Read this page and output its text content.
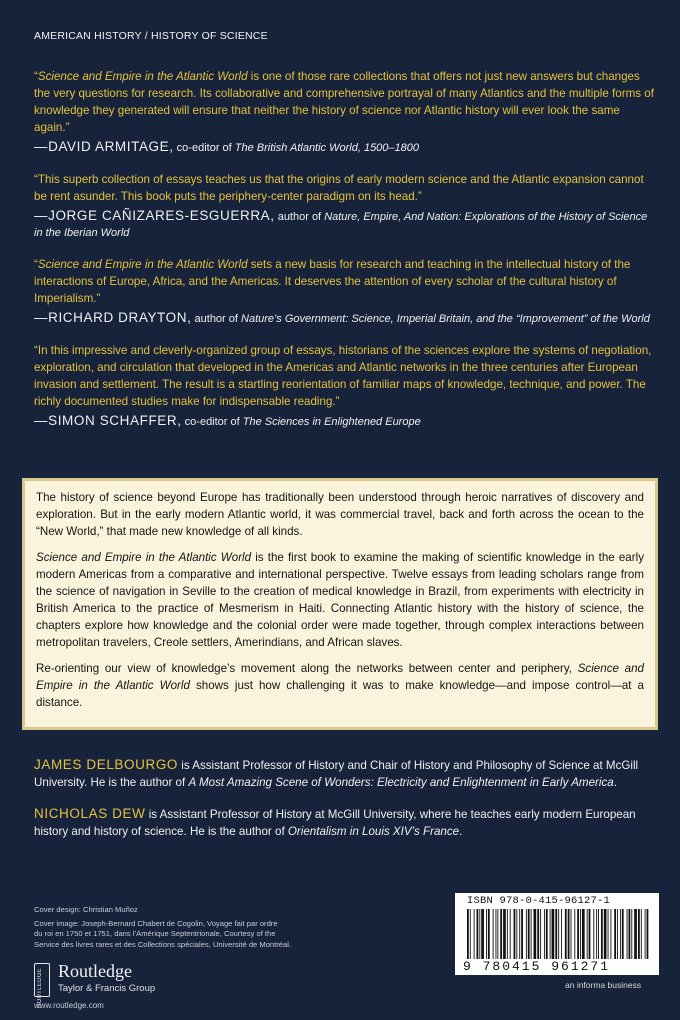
AMERICAN HISTORY / HISTORY OF SCIENCE

“Science and Empire in the Atlantic World is one of those rare collections that offers not just new answers but changes the very questions for research. Its collaborative and comprehensive portrayal of many Atlantics and the multiple forms of knowledge they generated will ensure that neither the history of science nor Atlantic history will ever look the same again.”

—DAVID ARMITAGE, co-editor of The British Atlantic World, 1500–1800

“This superb collection of essays teaches us that the origins of early modern science and the Atlantic expansion cannot be rent asunder. This book puts the periphery-center paradigm on its head.”

—JORGE CAÑIZARES-ESGUERRA, author of Nature, Empire, And Nation: Explorations of the History of Science in the Iberian World

“Science and Empire in the Atlantic World sets a new basis for research and teaching in the intellectual history of the interactions of Europe, Africa, and the Americas. It deserves the attention of every scholar of the cultural history of Imperialism.”

—RICHARD DRAYTON, author of Nature’s Government: Science, Imperial Britain, and the “Improvement” of the World

“In this impressive and cleverly-organized group of essays, historians of the sciences explore the systems of negotiation, exploration, and circulation that developed in the Americas and Atlantic networks in the three centuries after European invasion and settlement. The result is a startling reorientation of familiar maps of knowledge, technique, and power. The richly documented studies make for indispensable reading.”

—SIMON SCHAFFER, co-editor of The Sciences in Enlightened Europe

The history of science beyond Europe has traditionally been understood through heroic narratives of discovery and exploration. But in the early modern Atlantic world, it was commercial travel, back and forth across the ocean to the “New World,” that made new knowledge of all kinds.

Science and Empire in the Atlantic World is the first book to examine the making of scientific knowledge in the early modern Americas from a comparative and international perspective. Twelve essays from leading scholars range from the science of navigation in Seville to the creation of medical knowledge in Brazil, from experiments with electricity in British America to the practice of Mesmerism in Haiti. Connecting Atlantic history with the history of science, the chapters explore how knowledge and the colonial order were made together, through complex interactions between metropolitan travelers, Creole settlers, Amerindians, and African slaves.

Re-orienting our view of knowledge’s movement along the networks between center and periphery, Science and Empire in the Atlantic World shows just how challenging it was to make knowledge—and impose control—at a distance.

JAMES DELBOURGO is Assistant Professor of History and Chair of History and Philosophy of Science at McGill University. He is the author of A Most Amazing Scene of Wonders: Electricity and Enlightenment in Early America.

NICHOLAS DEW is Assistant Professor of History at McGill University, where he teaches early modern European history and history of science. He is the author of Orientalism in Louis XIV’s France.

Cover design: Christian Muñoz
Cover image: Joseph-Bernard Chabert de Cogolin, Voyage fait par ordre
du roi en 1750 et 1751, dans l’Amérique Septentrionale, Courtesy of the
Service des livres rares et des Collections spéciales, Université de Montréal.
ROUTLEDGE Routledge
Taylor & Francis Group
www.routledge.com
ISBN 978-0-415-96127-1
9 780415 961271
an informa business
